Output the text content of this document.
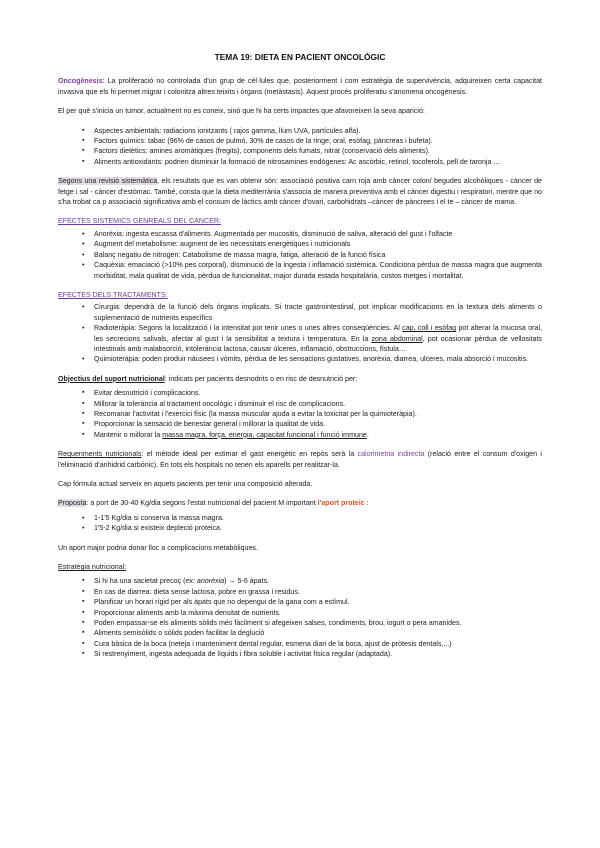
TEMA 19: DIETA EN PACIENT ONCOLÒGIC

Oncogènesis: La proliferació no controlada d'un grup de cèl·lules que, posteriorment i com estratègia de supervivència, adquireixen certa capacitat invasiva que els hi permet migrar i colonitza altres teixits i òrgans (metàstasis). Aquest procés proliferatiu s'anomena oncogènesis.

El per què s'inicia un tumor, actualment no es coneix, sinó que hi ha certs impactes que afavoreixen la seva aparició:

▪ Aspectes ambientals: radiacions ionitzants ( rajos gamma, llum UVA, partícules alfa).
▪ Factors químics: tabac (96% de casos de pulmó, 30% de casos de la ringe, oral, esòfag, pàncreas i bufeta).
▪ Factors dietètics: amines aromàtiques (fregits), components dels fumats, nitrat (conservació dels aliments).
▪ Aliments antioxidants: podrien disminuir la formació de nitrosamines endògenes: Ac ascòrbic, retinol, tocoferols, pell de taronja ...

Segons una revisió sistemàtica, els resultats que es van obtenir són: associació positiva carn roja amb càncer colon/ begudes alcohòliques - càncer de fetge i sal - càncer d'estòmac. També, consta que la dieta mediterrània s'associa de manera preventiva amb el càncer digestiu i respiratori, mentre que no s'ha trobat ca p associació significativa amb el consum de làctics amb càncer d'ovari, carbohidrats –càncer de pàncrees i el te – càncer de mama.

EFECTES SISTEMICS GENREALS DEL CANCER:
• Anorèxia: ingesta escassa d'aliments. Augmentada per mucositis, disminució de saliva, alteració del gust i l'olfacte
• Augment del metabolisme: augment de les necessitats energètiques i nutricionals
• Balanç negatiu de nitrogen: Catabolisme de massa magra, fatiga, alteració de la funció física
• Caquèxia: emaciació (>10% pes corporal), disminució de la ingesta i inflamació sistèmica. Condiciona pèrdua de massa magra que augmenta morbiditat, mala qualitat de vida, pèrdua de funcionalitat, major durada estada hospitalària, costos metges i mortalitat.
EFECTES DELS TRACTAMENTS:
• Cirurgia: dependrà de la funció dels òrgans implicats. Si tracte gastrointestinal, pot implicar modificacions en la textura dels aliments o suplementació de nutrients específics
• Radioteràpia: Segons la localització i la intensitat pot tenir unes o unes altres conseqüències. Al cap, coll i esòfag pot alterar la mucosa oral, les secrecions salivals, afectar al gust i la sensibilitat a textura i temperatura. En la zona abdominal, pot ocasionar pèrdua de vellositats intestinals amb malabsorció, intolerància lactosa, causar úlceres, inflamació, obstruccions, fístula…
• Quimioteràpia: poden produir nàusees i vòmits, pèrdua de les sensacions gustatives, anorèxia, diarrea, ulceres, mala absorció i mucositis.

Objectius del suport nutricional: indicats per pacients desnodrits o en risc de desnutrició per:

▪ Evitar desnutrició i complicacions.
▪ Millorar la tolerància al tractament oncològic i disminuir el risc de complicacions.
▪ Recomanar l'activitat i l'exercici físic (la massa muscular ajuda a evitar la toxicitat per la quimioteràpia).
▪ Proporcionar la sensació de benestar general i millorar la qualitat de vida.
▪ Mantenir o millorar la massa magra, força, energia, capacitat funcional i funció immune.

Requeriments nutricionals: el mètode ideal per estimar el gast energètic en repòs serà la calorimetria indirecta (relació entre el consum d'oxigen i l'eliminació d'anhidrid carbònic). En tots els hospitals no tenen els aparells per realitzar-la.

Cap fórmula actual serveix en aquets pacients per tenir una composició alterada.

Proposta: a port de 30-40 Kg/dia segons l'estat nutricional del pacient M important l'aport proteic :

• 1-1'5 Kg/dia si conserva la massa magra.
• 1'5-2 Kg/dia si existeix depleció proteica.

Un aport major podria donar lloc a complicacions metabòliques.

Estratègia nutricional:
▪ Si hi ha una sacietat precoç (ex: anorèxia) → 5-6 àpats.
▪ En cas de diarrea: dieta sense lactosa, pobre en grassa i residus.
▪ Planificar un horari rígid per als àpats que no depengui de la gana com a estímul.
▪ Proporcionar aliments amb la màxima densitat de nutrients.
▪ Poden empassar-se els aliments sòlids més fàcilment si afegeixen salses, condiments, brou, iogurt o pera amanides.
▪ Aliments semisòlids o sòlids poden facilitar la deglució
▪ Cura bàsica de la boca (neteja i manteniment dental regular, esmena diari de la boca, ajust de pròtesis dentals,...)
▪ Si restrenyiment, ingesta adequada de líquids i fibra soluble i activitat física regular (adaptada).
